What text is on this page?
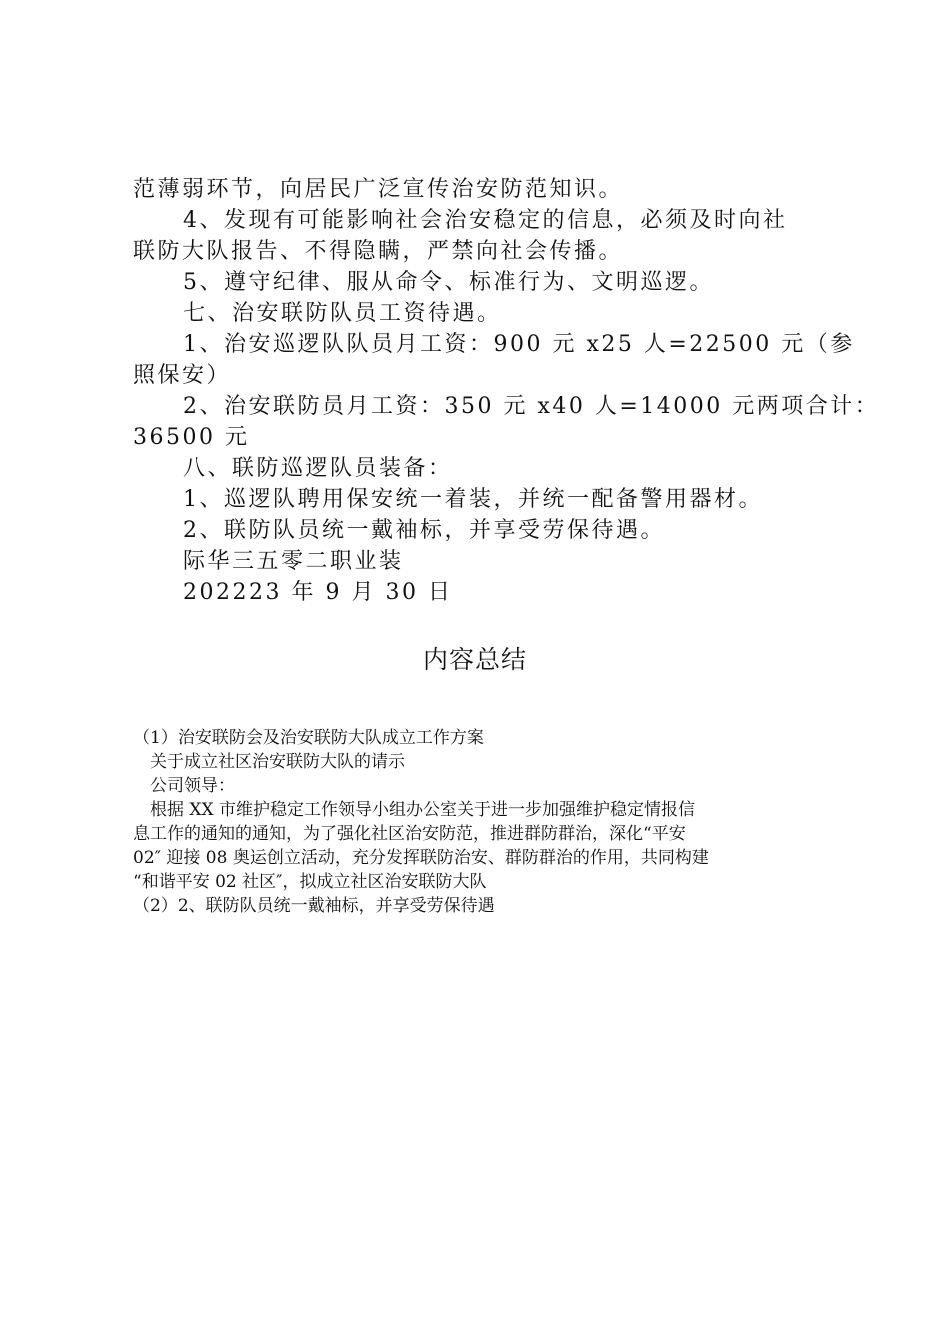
范薄弱环节，向居民广泛宣传治安防范知识。

4、发现有可能影响社会治安稳定的信息，必须及时向社

联防大队报告、不得隐瞒，严禁向社会传播。

5、遵守纪律、服从命令、标准行为、文明巡逻。

七、治安联防队员工资待遇。

1、治安巡逻队队员月工资：900 元 x25 人=22500 元（参

照保安）

2、治安联防员月工资：350 元 x40 人=14000 元两项合计：

36500 元

八、联防巡逻队员装备：

1、巡逻队聘用保安统一着装，并统一配备警用器材。

2、联防队员统一戴袖标，并享受劳保待遇。

际华三五零二职业装

202223 年 9 月 30 日

内容总结

（1）治安联防会及治安联防大队成立工作方案

关于成立社区治安联防大队的请示

公司领导：

根据 XX 市维护稳定工作领导小组办公室关于进一步加强维护稳定情报信

息工作的通知的通知，为了强化社区治安防范，推进群防群治，深化“平安

02″ 迎接 08 奥运创立活动，充分发挥联防治安、群防群治的作用，共同构建

“和谐平安 02 社区″，拟成立社区治安联防大队

（2）2、联防队员统一戴袖标，并享受劳保待遇
